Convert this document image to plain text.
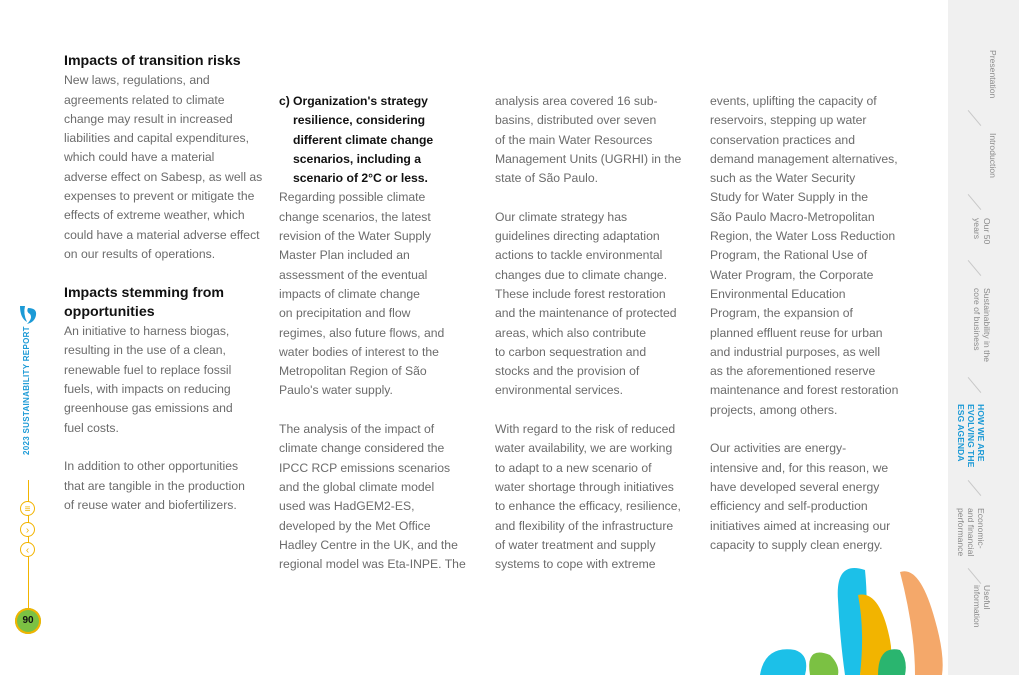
Impacts of transition risks

New laws, regulations, and
agreements related to climate
change may result in increased
liabilities and capital expenditures,
which could have a material
adverse effect on Sabesp, as well as
expenses to prevent or mitigate the
effects of extreme weather, which
could have a material adverse effect
on our results of operations.

Impacts stemming from
opportunities

An initiative to harness biogas,
resulting in the use of a clean,
renewable fuel to replace fossil
fuels, with impacts on reducing
greenhouse gas emissions and
fuel costs.

In addition to other opportunities
that are tangible in the production
of reuse water and biofertilizers.

c) Organization's strategy
resilience, considering
different climate change
scenarios, including a
scenario of 2°C or less.

Regarding possible climate
change scenarios, the latest
revision of the Water Supply
Master Plan included an
assessment of the eventual
impacts of climate change
on precipitation and flow
regimes, also future flows, and
water bodies of interest to the
Metropolitan Region of São
Paulo's water supply.

The analysis of the impact of
climate change considered the
IPCC RCP emissions scenarios
and the global climate model
used was HadGEM2-ES,
developed by the Met Office
Hadley Centre in the UK, and the
regional model was Eta-INPE. The

analysis area covered 16 sub-
basins, distributed over seven
of the main Water Resources
Management Units (UGRHI) in the
state of São Paulo.

Our climate strategy has
guidelines directing adaptation
actions to tackle environmental
changes due to climate change.
These include forest restoration
and the maintenance of protected
areas, which also contribute
to carbon sequestration and
stocks and the provision of
environmental services.

With regard to the risk of reduced
water availability, we are working
to adapt to a new scenario of
water shortage through initiatives
to enhance the efficacy, resilience,
and flexibility of the infrastructure
of water treatment and supply
systems to cope with extreme

events, uplifting the capacity of
reservoirs, stepping up water
conservation practices and
demand management alternatives,
such as the Water Security
Study for Water Supply in the
São Paulo Macro-Metropolitan
Region, the Water Loss Reduction
Program, the Rational Use of
Water Program, the Corporate
Environmental Education
Program, the expansion of
planned effluent reuse for urban
and industrial purposes, as well
as the aforementioned reserve
maintenance and forest restoration
projects, among others.

Our activities are energy-
intensive and, for this reason, we
have developed several energy
efficiency and self-production
initiatives aimed at increasing our
capacity to supply clean energy.

2023 SUSTAINABILITY REPORT
≡
›
‹
90
Presentation
Introduction
Our 50
years
Sustainability in the
core of business
HOW WE ARE
EVOLVING THE
ESG AGENDA
Economic-
and financial
performance
Useful
information
